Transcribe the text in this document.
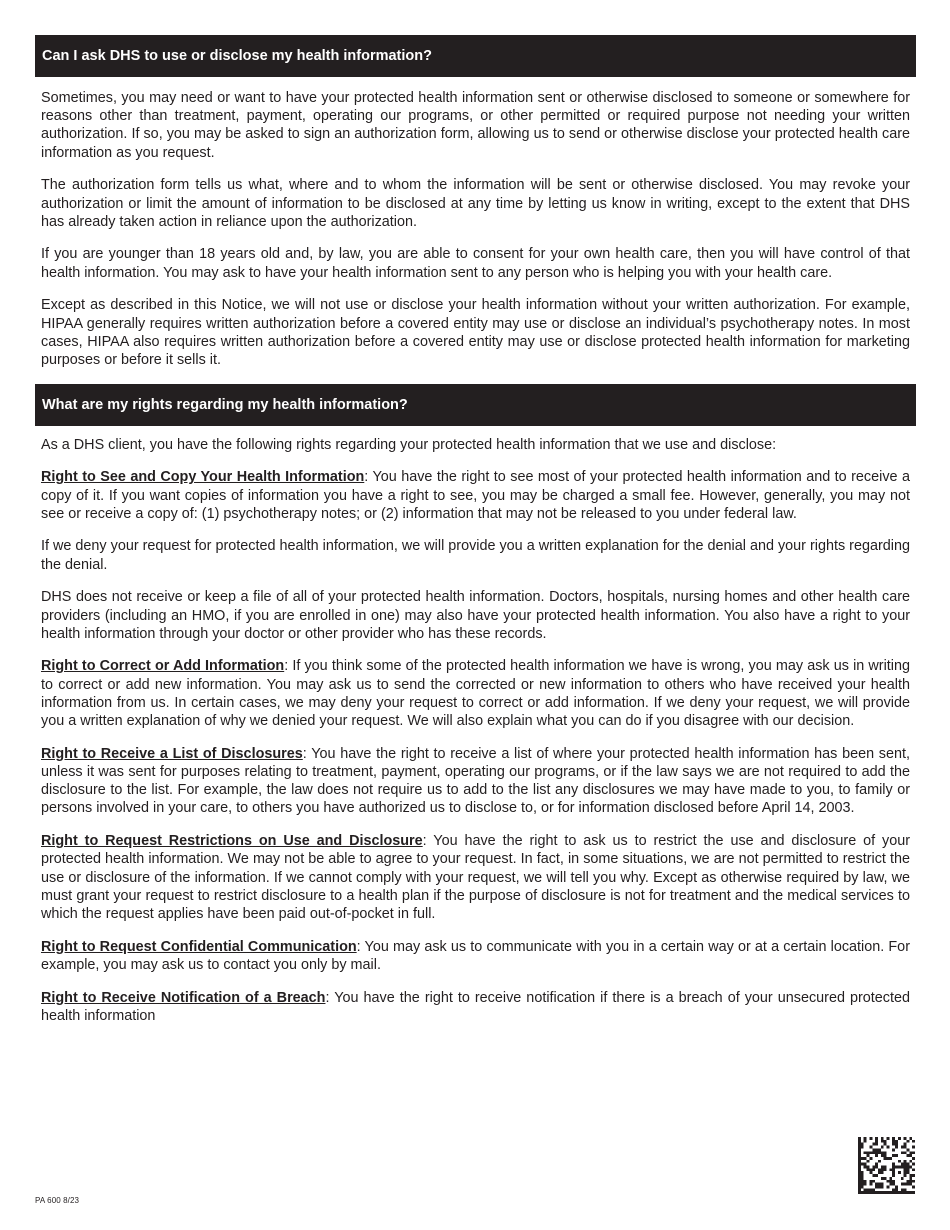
Can I ask DHS to use or disclose my health information?

Sometimes, you may need or want to have your protected health information sent or otherwise disclosed to someone or somewhere for reasons other than treatment, payment, operating our programs, or other permitted or required purpose not needing your written authorization. If so, you may be asked to sign an authorization form, allowing us to send or otherwise disclose your protected health care information as you request.

The authorization form tells us what, where and to whom the information will be sent or otherwise disclosed. You may revoke your authorization or limit the amount of information to be disclosed at any time by letting us know in writing, except to the extent that DHS has already taken action in reliance upon the authorization.

If you are younger than 18 years old and, by law, you are able to consent for your own health care, then you will have control of that health information. You may ask to have your health information sent to any person who is helping you with your health care.

Except as described in this Notice, we will not use or disclose your health information without your written authorization. For example, HIPAA generally requires written authorization before a covered entity may use or disclose an individual’s psychotherapy notes. In most cases, HIPAA also requires written authorization before a covered entity may use or disclose protected health information for marketing purposes or before it sells it.

What are my rights regarding my health information?

As a DHS client, you have the following rights regarding your protected health information that we use and disclose:

Right to See and Copy Your Health Information: You have the right to see most of your protected health information and to receive a copy of it. If you want copies of information you have a right to see, you may be charged a small fee. However, generally, you may not see or receive a copy of: (1) psychotherapy notes; or (2) information that may not be released to you under federal law.

If we deny your request for protected health information, we will provide you a written explanation for the denial and your rights regarding the denial.

DHS does not receive or keep a file of all of your protected health information. Doctors, hospitals, nursing homes and other health care providers (including an HMO, if you are enrolled in one) may also have your protected health information. You also have a right to your health information through your doctor or other provider who has these records.

Right to Correct or Add Information: If you think some of the protected health information we have is wrong, you may ask us in writing to correct or add new information. You may ask us to send the corrected or new information to others who have received your health information from us. In certain cases, we may deny your request to correct or add information. If we deny your request, we will provide you a written explanation of why we denied your request. We will also explain what you can do if you disagree with our decision.

Right to Receive a List of Disclosures: You have the right to receive a list of where your protected health information has been sent, unless it was sent for purposes relating to treatment, payment, operating our programs, or if the law says we are not required to add the disclosure to the list. For example, the law does not require us to add to the list any disclosures we may have made to you, to family or persons involved in your care, to others you have authorized us to disclose to, or for information disclosed before April 14, 2003.

Right to Request Restrictions on Use and Disclosure: You have the right to ask us to restrict the use and disclosure of your protected health information. We may not be able to agree to your request. In fact, in some situations, we are not permitted to restrict the use or disclosure of the information. If we cannot comply with your request, we will tell you why. Except as otherwise required by law, we must grant your request to restrict disclosure to a health plan if the purpose of disclosure is not for treatment and the medical services to which the request applies have been paid out-of-pocket in full.

Right to Request Confidential Communication: You may ask us to communicate with you in a certain way or at a certain location. For example, you may ask us to contact you only by mail.

Right to Receive Notification of a Breach: You have the right to receive notification if there is a breach of your unsecured protected health information

PA 600 8/23
